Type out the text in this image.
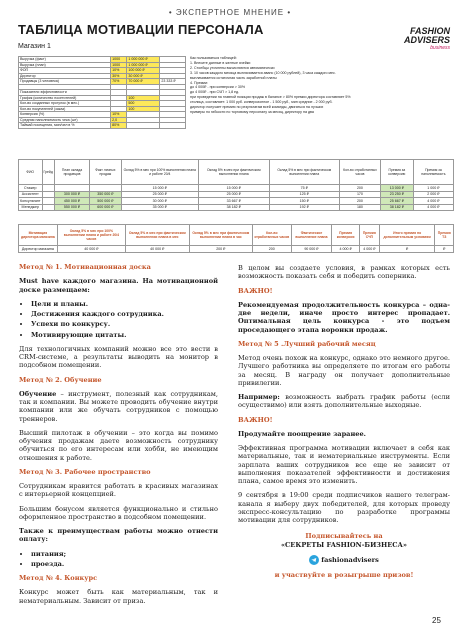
• ЭКСПЕРТНОЕ МНЕНИЕ •
ТАБЛИЦА МОТИВАЦИИ ПЕРСОНАЛА
Магазин 1
FASHION
ADVISERS
business
Выручка (факт)	1000	1 000 000 ₽	
Выручка (план)	1000	1 000 000 ₽	
ФОП	10%	100 000 ₽	
Директор	30%	30 000 ₽	
Продавцы (3 человека)	70%	70 000 ₽	23 333 ₽

Показатели эффективности			
График (количество посетителей)		100	
Кол-во созданных прогулок (в мес.)		500	
Кол-во покупателей (заказ)		100	
Конверсия (%)	10%		
Средняя наполняемость чека (шт)	2,0		
Таймай посещения, мин/чел в %	80%		
Как пользоваться таблицей:
1. Внесите данные в желтые ячейки
2. Столбцы уточнены вычисляются автоматически
3. 10 часов каждого месяца выплачивается аванс (10 000 рублей), 3 часа каждого мес.
выплачивается остаточная часть заработной платы
4. Премии:
до 4 000₽ - при конверсии > 30%
до 4 000₽ - при СЧП > 1,8 ед.
при проведении на главной позиции продаж в балансе > 80% премии директора составляет 5%
столица, составляет: 1 000 руб. конверсионное - 1 500 руб., мин средние - 2 000 руб.
директор получает премию по результатам всей команды, двигаться на лучших
примеры по гибкости по торговому персоналу за месяц, директору на два
ФИО	Грейд	План оклада продавцов	Факт личных продаж	Оклад 5% в мес при 100% выполнении плана и работе 20/4	Оклад 5% в мес при фактическом выполнении плана	Оклад 5% в мес при фактическом выполнении плана	Кол-во отработанных часов	Премия за конверсию	Премия за наполняемость
Стажер				15 000 ₽	15 000 ₽	75 ₽	200	13 000 ₽	1 000 ₽
Ассистент		300 000 ₽	350 000 ₽	25 000 ₽	25 000 ₽	125 ₽	170	23 250 ₽	2 000 ₽
Консультант		450 000 ₽	500 000 ₽	30 000 ₽	33 667 ₽	150 ₽	200	25 667 ₽	4 000 ₽
Менеджер		550 000 ₽	600 000 ₽	35 000 ₽	38 182 ₽	192 ₽	180	38 182 ₽	4 000 ₽
Мотивация директора магазина	Оклад 5% в мес при 100% выполнении плана и работе 20/4 часов	Оклад 5% в мес при фактическом выполнении плана в мес	Оклад 5% в мес при фактическом выполнении плана в час	Кол-во отработанных часов	Фактическое выполнение плана	Премия конверсия	Премия СЧП	Итого премия по дополнительным условиям	Премия ТЗ
Директор магазина	40 000 ₽	40 000 ₽	200 ₽	200	90 000 ₽	4 000 ₽	4 000 ₽	₽	₽
Метод № 1. Мотивационная доска

Must have каждого магазина. На мотивационной доске размещаем:

• Цели и планы.
• Достижения каждого сотрудника.
• Успехи по конкурсу.
• Мотивирующие цитаты.

Для технологичных компаний можно все это вести в CRM-системе, а результаты выводить на монитор в подсобном помещении.

Метод № 2. Обучение

Обучение – инструмент, полезный как сотрудникам, так и компании. Вы можете проводить обучение внутри компании или же обучать сотрудников с помощью треннеров.

Высший пилотаж в обучении – это когда вы помимо обучения продажам даете возможность сотруднику обучиться по его интересам или хобби, не имеющим отношения к работе.

Метод № 3. Рабочее пространство

Сотрудникам нравится работать в красивых магазинах с интерьерной концепцией.

Большим бонусом является функционально и стильно оформленное пространство в подсобном помещении.

Также к преимуществам работы можно отнести оплату:

• питания;
• проезда.
Метод № 4. Конкурс

Конкурс может быть как материальным, так и нематериальным. Зависит от приза.

В целом вы создаете условия, в рамках которых есть возможность показать себя и победить соперника.

ВАЖНО!

Рекомендуемая продолжительность конкурса – одна-две недели, иначе просто интерес пропадает. Оптимальная цель конкурса - это подъем проседающего этапа воронки продаж.

Метод № 5 .Лучший рабочий месяц

Метод очень похож на конкурс, однако это немного другое. Лучшего работника вы определяете по итогам его работы за месяц. В награду он получает дополнительные привилегии.

Например: возможность выбрать график работы (если осуществимо) или взять дополнительные выходные.

ВАЖНО!

Продумайте поощрение заранее.

Эффективная программа мотивации включает в себя как материальные, так и нематериальные инструменты. Если зарплата ваших сотрудников все еще не зависит от выполнения показателей эффективности и достижения плана, самое время это изменить.

9 сентября в 19:00 среди подписчиков нашего телеграм-канала я выберу двух победителей, для которых проведу экспресс-консультацию по разработке программы мотивации для сотрудников.

Подписывайтесь на
«СЕКРЕТЫ FASHION-БИЗНЕСА»
fashionadvisers
и участвуйте в розыгрыше призов!
25
